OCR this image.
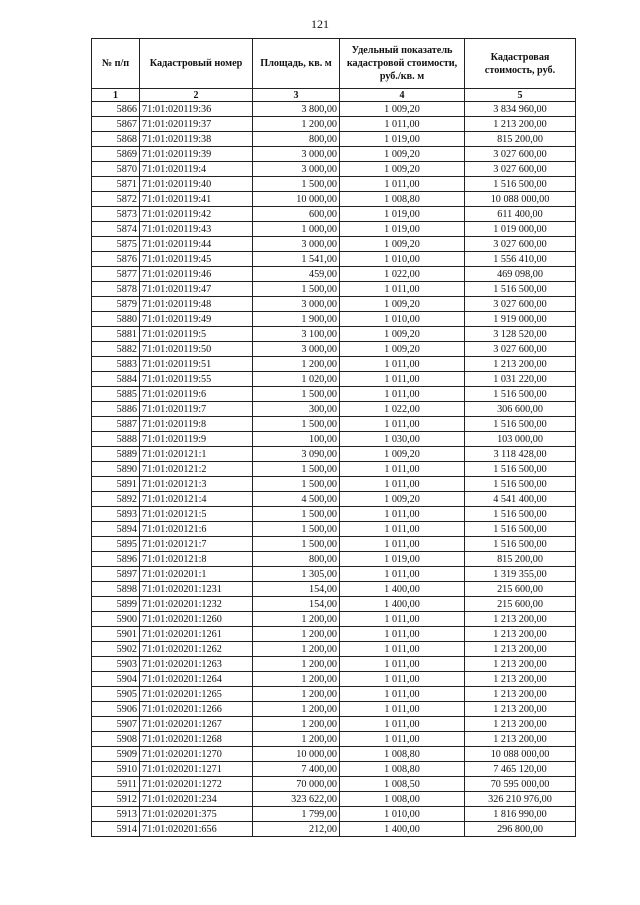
121
№ п/п	Кадастровый номер	Площадь, кв. м	Удельный показатель кадастровой стоимости, руб./кв. м	Кадастровая стоимость, руб.
1	2	3	4	5
5866	71:01:020119:36	3 800,00	1 009,20	3 834 960,00
5867	71:01:020119:37	1 200,00	1 011,00	1 213 200,00
5868	71:01:020119:38	800,00	1 019,00	815 200,00
5869	71:01:020119:39	3 000,00	1 009,20	3 027 600,00
5870	71:01:020119:4	3 000,00	1 009,20	3 027 600,00
5871	71:01:020119:40	1 500,00	1 011,00	1 516 500,00
5872	71:01:020119:41	10 000,00	1 008,80	10 088 000,00
5873	71:01:020119:42	600,00	1 019,00	611 400,00
5874	71:01:020119:43	1 000,00	1 019,00	1 019 000,00
5875	71:01:020119:44	3 000,00	1 009,20	3 027 600,00
5876	71:01:020119:45	1 541,00	1 010,00	1 556 410,00
5877	71:01:020119:46	459,00	1 022,00	469 098,00
5878	71:01:020119:47	1 500,00	1 011,00	1 516 500,00
5879	71:01:020119:48	3 000,00	1 009,20	3 027 600,00
5880	71:01:020119:49	1 900,00	1 010,00	1 919 000,00
5881	71:01:020119:5	3 100,00	1 009,20	3 128 520,00
5882	71:01:020119:50	3 000,00	1 009,20	3 027 600,00
5883	71:01:020119:51	1 200,00	1 011,00	1 213 200,00
5884	71:01:020119:55	1 020,00	1 011,00	1 031 220,00
5885	71:01:020119:6	1 500,00	1 011,00	1 516 500,00
5886	71:01:020119:7	300,00	1 022,00	306 600,00
5887	71:01:020119:8	1 500,00	1 011,00	1 516 500,00
5888	71:01:020119:9	100,00	1 030,00	103 000,00
5889	71:01:020121:1	3 090,00	1 009,20	3 118 428,00
5890	71:01:020121:2	1 500,00	1 011,00	1 516 500,00
5891	71:01:020121:3	1 500,00	1 011,00	1 516 500,00
5892	71:01:020121:4	4 500,00	1 009,20	4 541 400,00
5893	71:01:020121:5	1 500,00	1 011,00	1 516 500,00
5894	71:01:020121:6	1 500,00	1 011,00	1 516 500,00
5895	71:01:020121:7	1 500,00	1 011,00	1 516 500,00
5896	71:01:020121:8	800,00	1 019,00	815 200,00
5897	71:01:020201:1	1 305,00	1 011,00	1 319 355,00
5898	71:01:020201:1231	154,00	1 400,00	215 600,00
5899	71:01:020201:1232	154,00	1 400,00	215 600,00
5900	71:01:020201:1260	1 200,00	1 011,00	1 213 200,00
5901	71:01:020201:1261	1 200,00	1 011,00	1 213 200,00
5902	71:01:020201:1262	1 200,00	1 011,00	1 213 200,00
5903	71:01:020201:1263	1 200,00	1 011,00	1 213 200,00
5904	71:01:020201:1264	1 200,00	1 011,00	1 213 200,00
5905	71:01:020201:1265	1 200,00	1 011,00	1 213 200,00
5906	71:01:020201:1266	1 200,00	1 011,00	1 213 200,00
5907	71:01:020201:1267	1 200,00	1 011,00	1 213 200,00
5908	71:01:020201:1268	1 200,00	1 011,00	1 213 200,00
5909	71:01:020201:1270	10 000,00	1 008,80	10 088 000,00
5910	71:01:020201:1271	7 400,00	1 008,80	7 465 120,00
5911	71:01:020201:1272	70 000,00	1 008,50	70 595 000,00
5912	71:01:020201:234	323 622,00	1 008,00	326 210 976,00
5913	71:01:020201:375	1 799,00	1 010,00	1 816 990,00
5914	71:01:020201:656	212,00	1 400,00	296 800,00
